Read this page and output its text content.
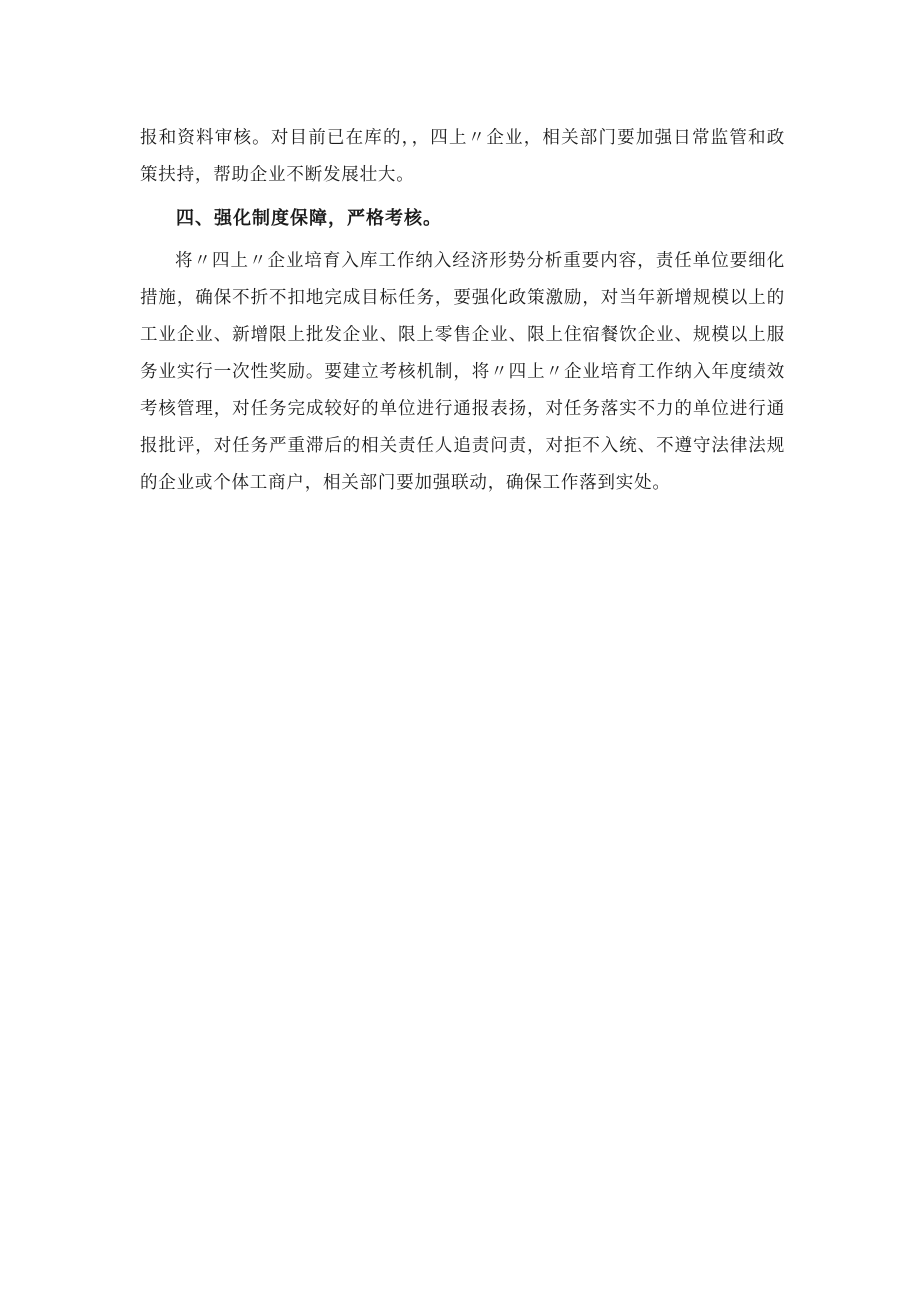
报和资料审核。对目前已在库的，，四上〃企业，相关部门要加强日常监管和政策扶持，帮助企业不断发展壮大。

四、强化制度保障，严格考核。

将〃四上〃企业培育入库工作纳入经济形势分析重要内容，责任单位要细化措施，确保不折不扣地完成目标任务，要强化政策激励，对当年新增规模以上的工业企业、新增限上批发企业、限上零售企业、限上住宿餐饮企业、规模以上服务业实行一次性奖励。要建立考核机制，将〃四上〃企业培育工作纳入年度绩效考核管理，对任务完成较好的单位进行通报表扬，对任务落实不力的单位进行通报批评，对任务严重滞后的相关责任人追责问责，对拒不入统、不遵守法律法规的企业或个体工商户，相关部门要加强联动，确保工作落到实处。
